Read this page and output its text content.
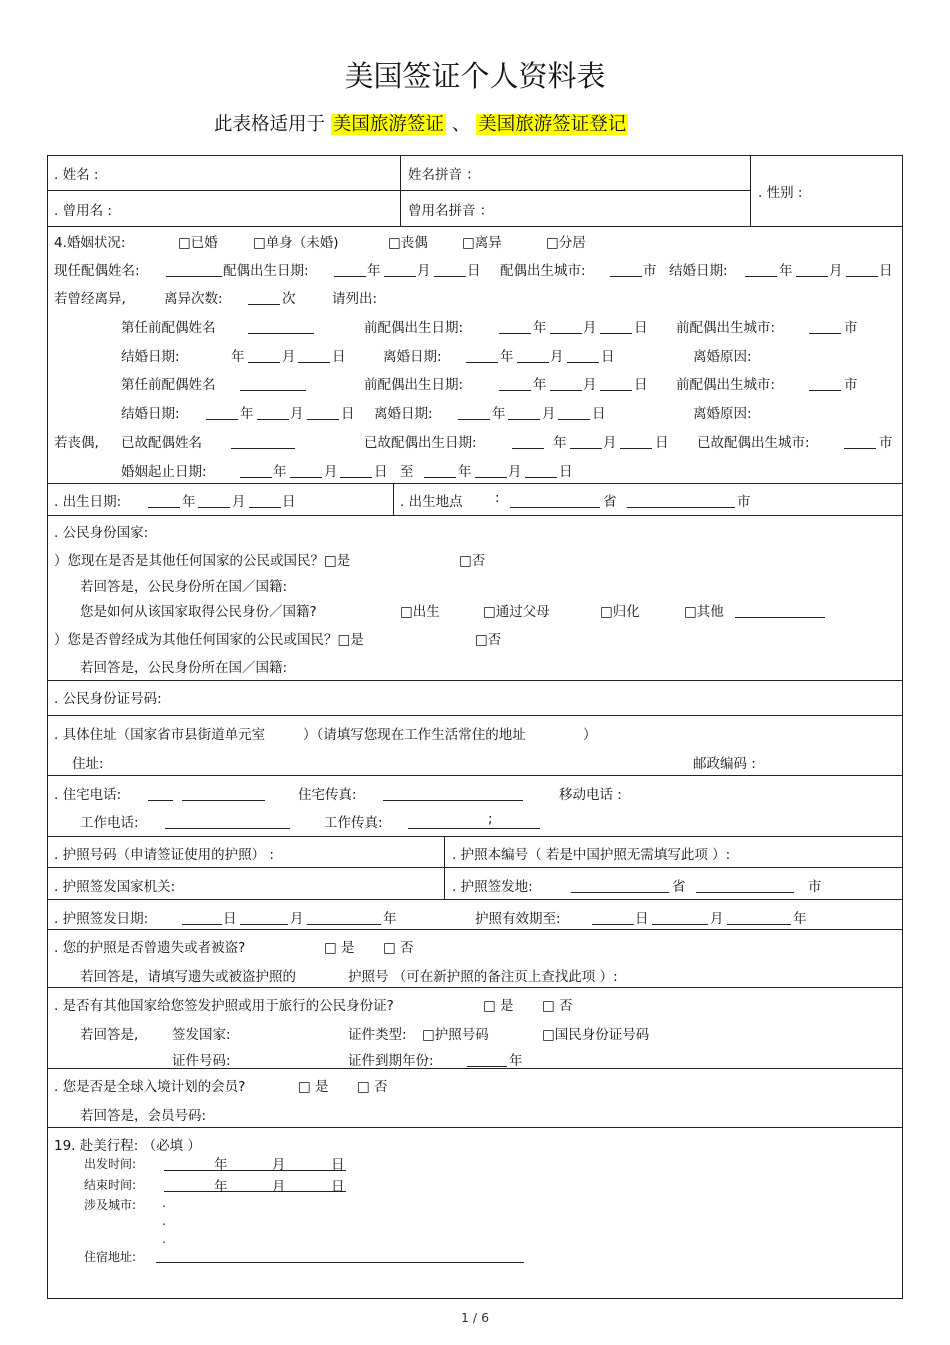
美国签证个人资料表
此表格适用于 美国旅游签证 、 美国旅游签证登记
. 姓名 :	姓名拼音 ：
. 性别 :
. 曾用名 :	曾用名拼音 ：
4.婚姻状况:	□已婚	□单身（未婚)	□丧偶	□离异	□分居
现任配偶姓名:	配偶出生日期:	年	月	日 配偶出生城市:	市 结婚日期:	年	月	日
若曾经离异,	离异次数:	次	请列出:
第任前配偶姓名	前配偶出生日期:	年	月	日 前配偶出生城市:	市
结婚日期:	年	月	日	离婚日期:	年	月	日	离婚原因:
第任前配偶姓名	前配偶出生日期:	年	月	日 前配偶出生城市:	市
结婚日期:	年	月	日 离婚日期:	年	月	日	离婚原因:
若丧偶, 已故配偶姓名	已故配偶出生日期:	年	月	日 已故配偶出生城市:	市
婚姻起止日期:	年	月	日 至	年	月	日
. 出生日期:	年	月	日	. 出生地点 :	省	市
. 公民身份国家:
）您现在是否是其他任何国家的公民或国民？□是	□否
若回答是，公民身份所在国／国籍:
您是如何从该国家取得公民身份／国籍?	□出生	□通过父母	□归化	□其他
）您是否曾经成为其他任何国家的公民或国民？□是	□否
若回答是，公民身份所在国／国籍:
. 公民身份证号码:
. 具体住址（国家省市县街道单元室	）（请填写您现在工作生活常住的地址	）
住址:	邮政编码 :
. 住宅电话:	住宅传真:	移动电话 :
工作电话:	工作传真:	;
. 护照号码（申请签证使用的护照） :	. 护照本编号（ 若是中国护照无需填写此项 ）:
. 护照签发国家机关:	. 护照签发地:	省	市
. 护照签发日期:	日	月	年	护照有效期至:	日	月	年
. 您的护照是否曾遗失或者被盗?	□ 是 □ 否
若回答是，请填写遗失或被盗护照的	护照号 （可在新护照的备注页上查找此项 ）:
. 是否有其他国家给您签发护照或用于旅行的公民身份证?	□ 是 □ 否
若回答是, 签发国家:	证件类型: □护照号码	□国民身份证号码
证件号码:	证件到期年份:	年
. 您是否是全球入境计划的会员?	□ 是 □ 否
若回答是，会员号码:
19. 赴美行程: （必填 ）
出发时间:	年	月	日
结束时间:	年	月	日
涉及城市: .
.
.
住宿地址:
1 / 6
